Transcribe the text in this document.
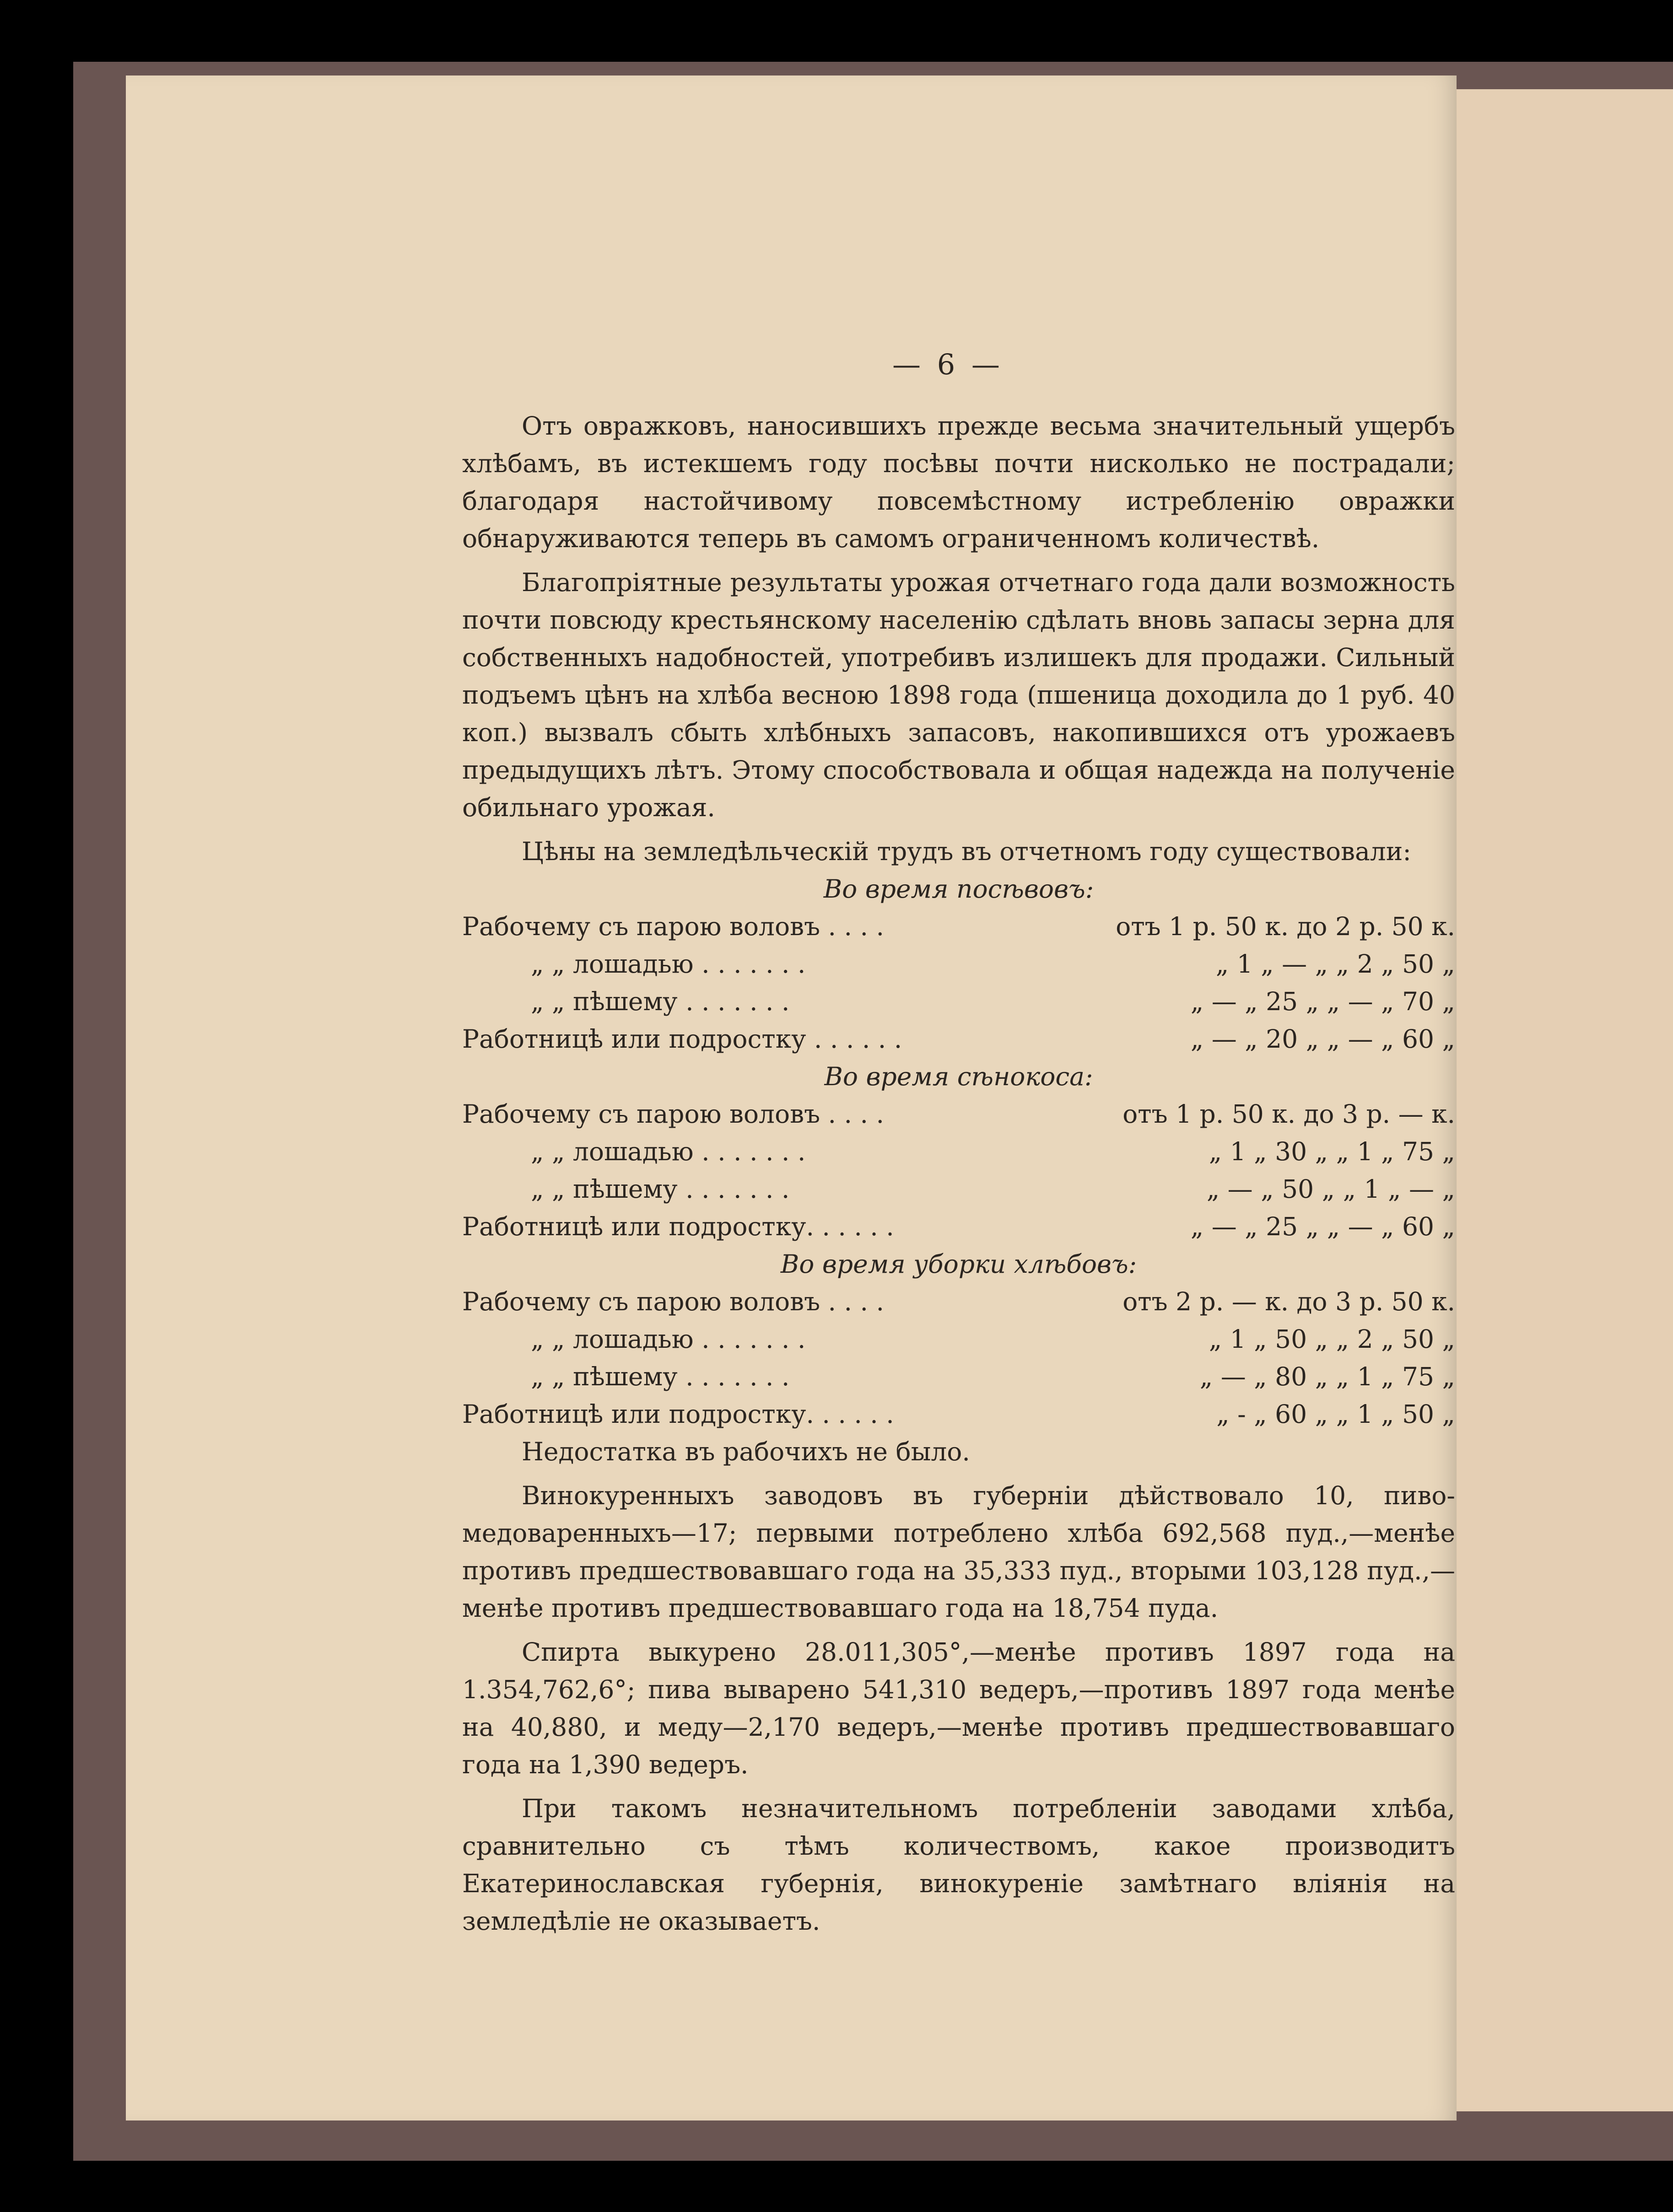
— 6 —

Отъ овражковъ, наносившихъ прежде весьма значительный ущербъ хлѣбамъ, въ истекшемъ году посѣвы почти нисколько не пострадали; благодаря настойчивому повсемѣстному истребленію овражки обнаруживаются теперь въ самомъ ограниченномъ количествѣ.

Благопріятные результаты урожая отчетнаго года дали возможность почти повсюду крестьянскому населенію сдѣлать вновь запасы зерна для собственныхъ надобностей, употребивъ излишекъ для продажи. Сильный подъемъ цѣнъ на хлѣба весною 1898 года (пшеница доходила до 1 руб. 40 коп.) вызвалъ сбыть хлѣбныхъ запасовъ, накопившихся отъ урожаевъ предыдущихъ лѣтъ. Этому способствовала и общая надежда на полученіе обильнаго урожая.

Цѣны на земледѣльческій трудъ въ отчетномъ году существовали:

Во время посѣвовъ:

Рабочему съ парою воловъ . . . .	отъ 1 р. 50 к. до 2 р. 50 к.
„ „ лошадью . . . . . . .	„ 1 „ — „ „ 2 „ 50 „
„ „ пѣшему . . . . . . .	„ — „ 25 „ „ — „ 70 „
Работницѣ или подростку . . . . . .	„ — „ 20 „ „ — „ 60 „

Во время сѣнокоса:

Рабочему съ парою воловъ . . . .	отъ 1 р. 50 к. до 3 р. — к.
„ „ лошадью . . . . . . .	„ 1 „ 30 „ „ 1 „ 75 „
„ „ пѣшему . . . . . . .	„ — „ 50 „ „ 1 „ — „
Работницѣ или подростку. . . . . .	„ — „ 25 „ „ — „ 60 „

Во время уборки хлѣбовъ:

Рабочему съ парою воловъ . . . .	отъ 2 р. — к. до 3 р. 50 к.
„ „ лошадью . . . . . . .	„ 1 „ 50 „ „ 2 „ 50 „
„ „ пѣшему . . . . . . .	„ — „ 80 „ „ 1 „ 75 „
Работницѣ или подростку. . . . . .	„ - „ 60 „ „ 1 „ 50 „

Недостатка въ рабочихъ не было.

Винокуренныхъ заводовъ въ губерніи дѣйствовало 10, пиво-медоваренныхъ—17; первыми потреблено хлѣба 692,568 пуд.,—менѣе противъ предшествовавшаго года на 35,333 пуд., вторыми 103,128 пуд.,—менѣе противъ предшествовавшаго года на 18,754 пуда.

Спирта выкурено 28.011,305°,—менѣе противъ 1897 года на 1.354,762,6°; пива выварено 541,310 ведеръ,—противъ 1897 года менѣе на 40,880, и меду—2,170 ведеръ,—менѣе противъ предшествовавшаго года на 1,390 ведеръ.

При такомъ незначительномъ потребленіи заводами хлѣба, сравнительно съ тѣмъ количествомъ, какое производитъ Екатеринославская губернія, винокуреніе замѣтнаго вліянія на земледѣліе не оказываетъ.
